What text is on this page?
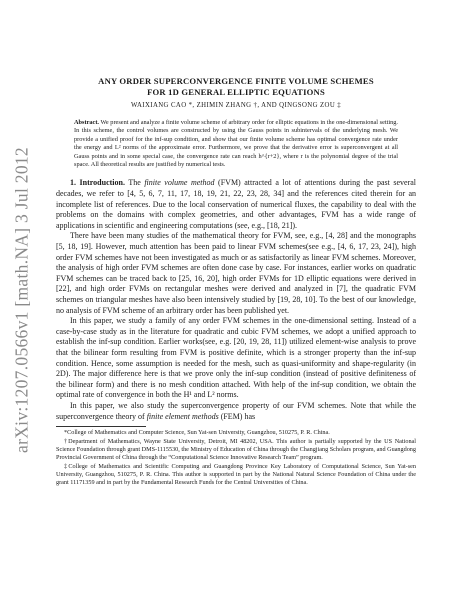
arXiv:1207.0566v1 [math.NA] 3 Jul 2012
ANY ORDER SUPERCONVERGENCE FINITE VOLUME SCHEMES
FOR 1D GENERAL ELLIPTIC EQUATIONS
WAIXIANG CAO *, ZHIMIN ZHANG †, AND QINGSONG ZOU ‡
Abstract. We present and analyze a finite volume scheme of arbitrary order for elliptic equations in the one-dimensional setting. In this scheme, the control volumes are constructed by using the Gauss points in subintervals of the underlying mesh. We provide a unified proof for the inf-sup condition, and show that our finite volume scheme has optimal convergence rate under the energy and L² norms of the approximate error. Furthermore, we prove that the derivative error is superconvergent at all Gauss points and in some special case, the convergence rate can reach h^{r+2}, where r is the polynomial degree of the trial space. All theoretical results are justified by numerical tests.

1. Introduction. The finite volume method (FVM) attracted a lot of attentions during the past several decades, we refer to [4, 5, 6, 7, 11, 17, 18, 19, 21, 22, 23, 28, 34] and the references cited therein for an incomplete list of references. Due to the local conservation of numerical fluxes, the capability to deal with the problems on the domains with complex geometries, and other advantages, FVM has a wide range of applications in scientific and engineering computations (see, e.g., [18, 21]).

There have been many studies of the mathematical theory for FVM, see, e.g., [4, 28] and the monographs [5, 18, 19]. However, much attention has been paid to linear FVM schemes(see e.g., [4, 6, 17, 23, 24]), high order FVM schemes have not been investigated as much or as satisfactorily as linear FVM schemes. Moreover, the analysis of high order FVM schemes are often done case by case. For instances, earlier works on quadratic FVM schemes can be traced back to [25, 16, 20], high order FVMs for 1D elliptic equations were derived in [22], and high order FVMs on rectangular meshes were derived and analyzed in [7], the quadratic FVM schemes on triangular meshes have also been intensively studied by [19, 28, 10]. To the best of our knowledge, no analysis of FVM scheme of an arbitrary order has been published yet.

In this paper, we study a family of any order FVM schemes in the one-dimensional setting. Instead of a case-by-case study as in the literature for quadratic and cubic FVM schemes, we adopt a unified approach to establish the inf-sup condition. Earlier works(see, e.g. [20, 19, 28, 11]) utilized element-wise analysis to prove that the bilinear form resulting from FVM is positive definite, which is a stronger property than the inf-sup condition. Hence, some assumption is needed for the mesh, such as quasi-uniformity and shape-regularity (in 2D). The major difference here is that we prove only the inf-sup condition (instead of positive definiteness of the bilinear form) and there is no mesh condition attached. With help of the inf-sup condition, we obtain the optimal rate of convergence in both the H¹ and L² norms.

In this paper, we also study the superconvergence property of our FVM schemes. Note that while the superconvergence theory of finite element methods (FEM) has

*College of Mathematics and Computer Science, Sun Yat-sen University, Guangzhou, 510275, P. R. China.

†Department of Mathematics, Wayne State University, Detroit, MI 48202, USA. This author is partially supported by the US National Science Foundation through grant DMS-1115530, the Ministry of Education of China through the Changjiang Scholars program, and Guangdong Provincial Government of China through the “Computational Science Innovative Research Team” program.

‡College of Mathematics and Scientific Computing and Guangdong Province Key Laboratory of Computational Science, Sun Yat-sen University, Guangzhou, 510275, P. R. China. This author is supported in part by the National Natural Science Foundation of China under the grant 11171359 and in part by the Fundamental Research Funds for the Central Universities of China.
